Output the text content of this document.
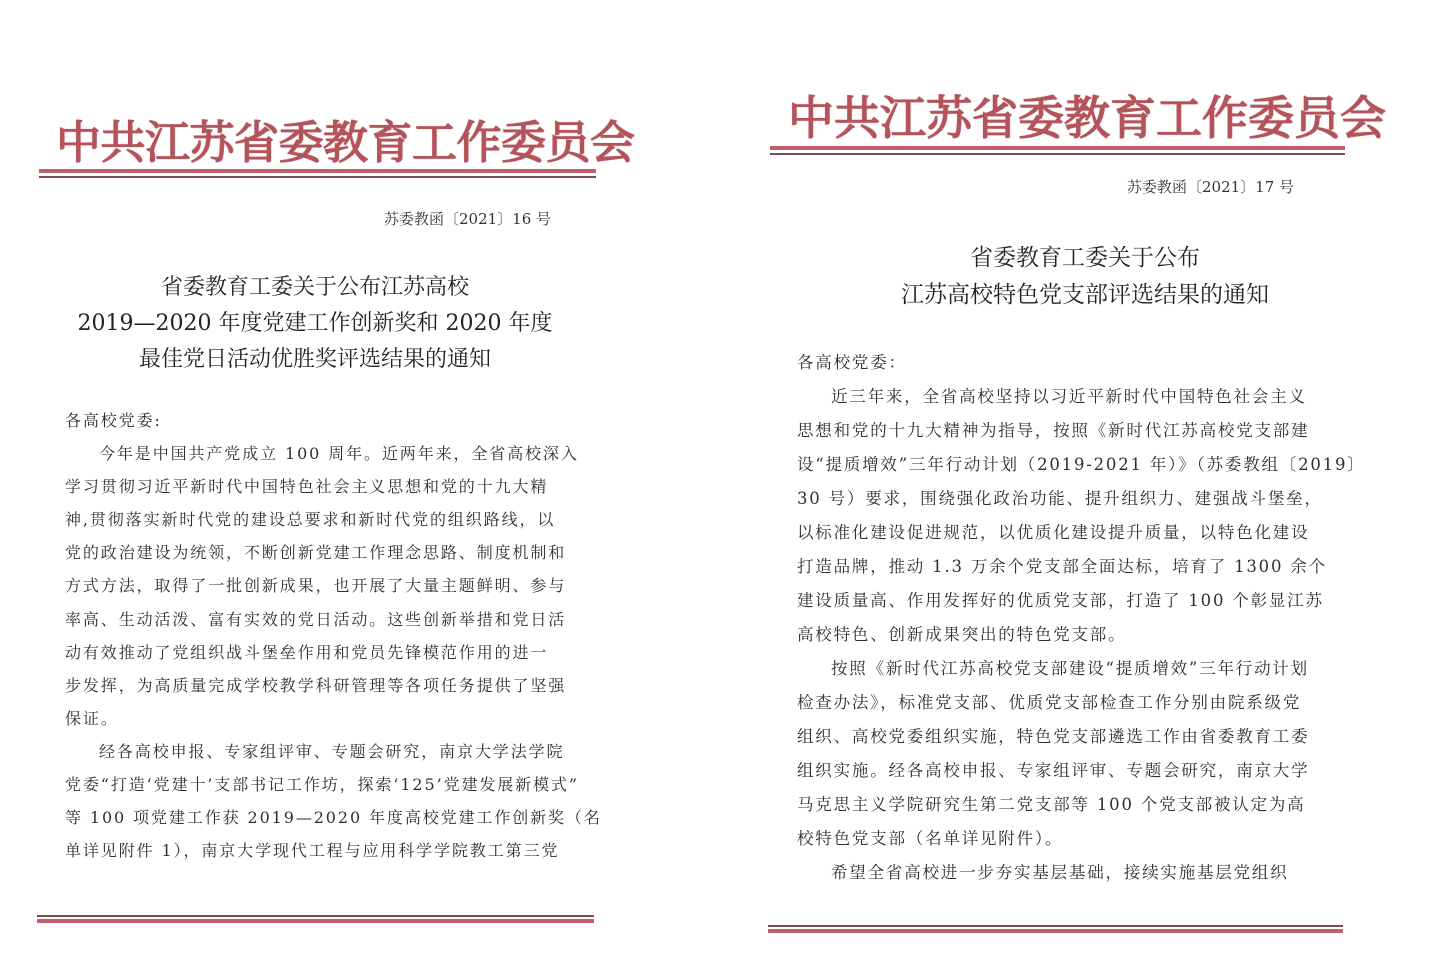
中共江苏省委教育工作委员会
苏委教函〔2021〕16 号
省委教育工委关于公布江苏高校
2019—2020 年度党建工作创新奖和 2020 年度
最佳党日活动优胜奖评选结果的通知
各高校党委:
今年是中国共产党成立 100 周年。近两年来，全省高校深入
学习贯彻习近平新时代中国特色社会主义思想和党的十九大精
神,贯彻落实新时代党的建设总要求和新时代党的组织路线，以
党的政治建设为统领，不断创新党建工作理念思路、制度机制和
方式方法，取得了一批创新成果，也开展了大量主题鲜明、参与
率高、生动活泼、富有实效的党日活动。这些创新举措和党日活
动有效推动了党组织战斗堡垒作用和党员先锋模范作用的进一
步发挥，为高质量完成学校教学科研管理等各项任务提供了坚强
保证。
经各高校申报、专家组评审、专题会研究，南京大学法学院
党委“打造‘党建十’支部书记工作坊，探索‘125’党建发展新模式”
等 100 项党建工作获 2019—2020 年度高校党建工作创新奖（名
单详见附件 1），南京大学现代工程与应用科学学院教工第三党
中共江苏省委教育工作委员会
苏委教函〔2021〕17 号
省委教育工委关于公布
江苏高校特色党支部评选结果的通知
各高校党委：
近三年来，全省高校坚持以习近平新时代中国特色社会主义
思想和党的十九大精神为指导，按照《新时代江苏高校党支部建
设“提质增效”三年行动计划（2019-2021 年）》（苏委教组〔2019〕
30 号）要求，围绕强化政治功能、提升组织力、建强战斗堡垒，
以标准化建设促进规范，以优质化建设提升质量，以特色化建设
打造品牌，推动 1.3 万余个党支部全面达标，培育了 1300 余个
建设质量高、作用发挥好的优质党支部，打造了 100 个彰显江苏
高校特色、创新成果突出的特色党支部。
按照《新时代江苏高校党支部建设“提质增效”三年行动计划
检查办法》，标准党支部、优质党支部检查工作分别由院系级党
组织、高校党委组织实施，特色党支部遴选工作由省委教育工委
组织实施。经各高校申报、专家组评审、专题会研究，南京大学
马克思主义学院研究生第二党支部等 100 个党支部被认定为高
校特色党支部（名单详见附件）。
希望全省高校进一步夯实基层基础，接续实施基层党组织
